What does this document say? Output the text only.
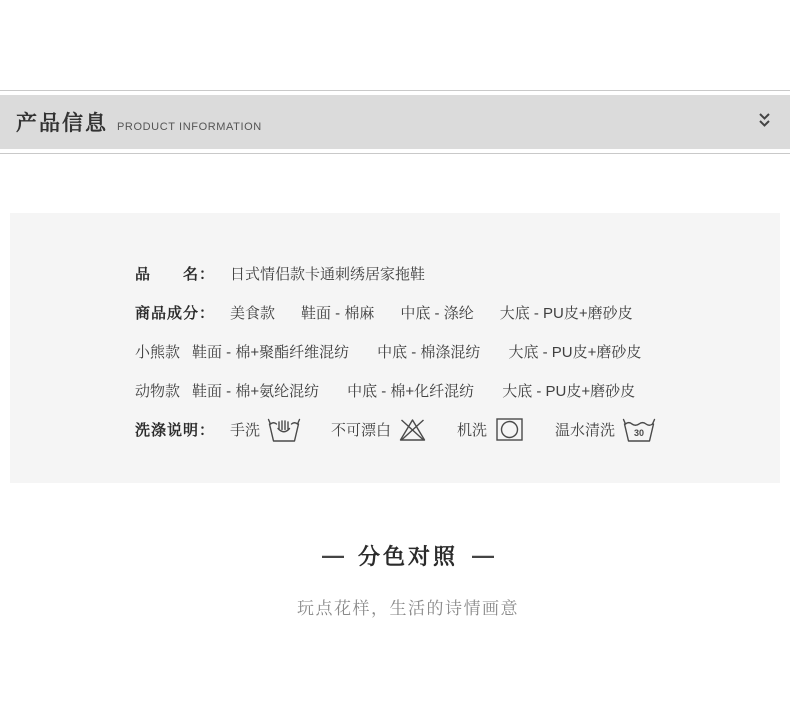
产品信息 PRODUCT INFORMATION
品　　名： 日式情侣款卡通刺绣居家拖鞋
商品成分： 美食款 鞋面 - 棉麻 中底 - 涤纶 大底 - PU皮+磨砂皮
小熊款 鞋面 - 棉+聚酯纤维混纺 中底 - 棉涤混纺 大底 - PU皮+磨砂皮
动物款 鞋面 - 棉+氨纶混纺 中底 - 棉+化纤混纺 大底 - PU皮+磨砂皮
洗涤说明： 手洗	不可漂白	机洗	温水清洗 30
— 分色对照 —
玩点花样，生活的诗情画意
